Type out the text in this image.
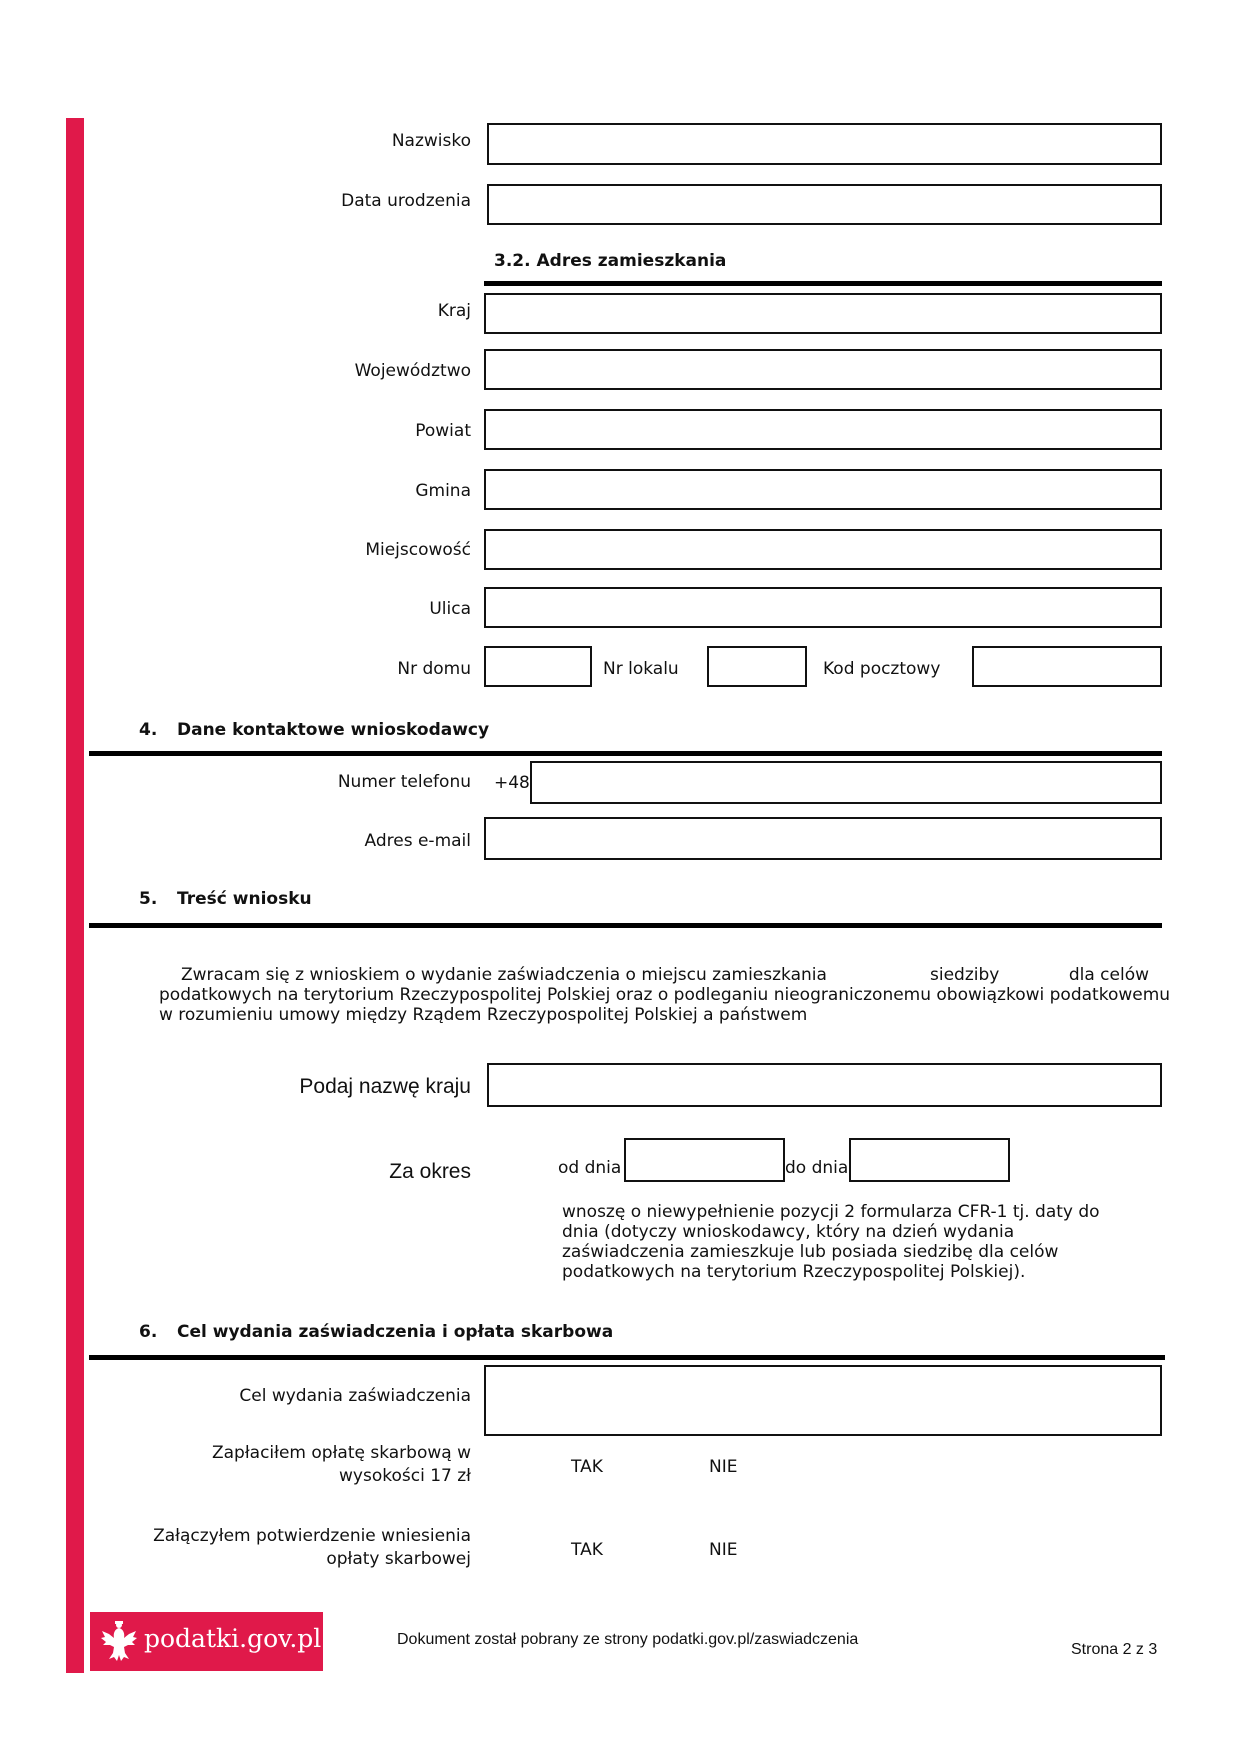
Nazwisko
Data urodzenia
3.2. Adres zamieszkania
Kraj
Województwo
Powiat
Gmina
Miejscowość
Ulica
Nr domu	Nr lokalu	Kod pocztowy
4. Dane kontaktowe wnioskodawcy
Numer telefonu +48
Adres e-mail
5. Treść wniosku
Zwracam się z wnioskiem o wydanie zaświadczenia o miejscu zamieszkania	siedziby	dla celów
podatkowych na terytorium Rzeczypospolitej Polskiej oraz o podleganiu nieograniczonemu obowiązkowi podatkowemu
w rozumieniu umowy między Rządem Rzeczypospolitej Polskiej a państwem
Podaj nazwę kraju
Za okres	od dnia	do dnia
wnoszę o niewypełnienie pozycji 2 formularza CFR-1 tj. daty do
dnia (dotyczy wnioskodawcy, który na dzień wydania
zaświadczenia zamieszkuje lub posiada siedzibę dla celów
podatkowych na terytorium Rzeczypospolitej Polskiej).
6. Cel wydania zaświadczenia i opłata skarbowa
Cel wydania zaświadczenia
Zapłaciłem opłatę skarbową w
wysokości 17 zł	TAK	NIE
Załączyłem potwierdzenie wniesienia
opłaty skarbowej	TAK	NIE
podatki.gov.pl	Dokument został pobrany ze strony podatki.gov.pl/zaswiadczenia
Strona 2 z 3
